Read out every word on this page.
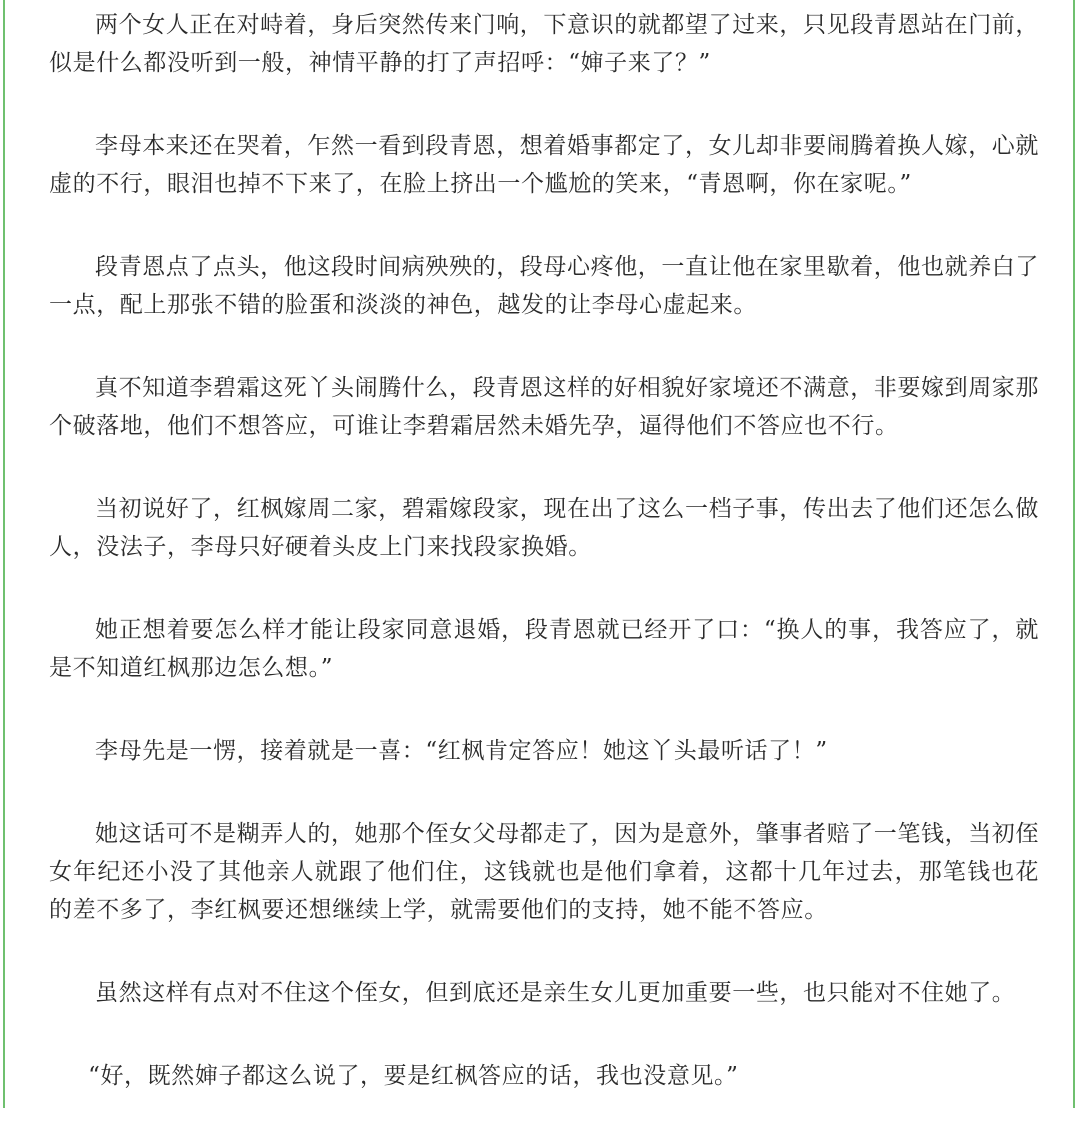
两个女人正在对峙着，身后突然传来门响，下意识的就都望了过来，只见段青恩站在门前，似是什么都没听到一般，神情平静的打了声招呼：“婶子来了？”

李母本来还在哭着，乍然一看到段青恩，想着婚事都定了，女儿却非要闹腾着换人嫁，心就虚的不行，眼泪也掉不下来了，在脸上挤出一个尴尬的笑来，“青恩啊，你在家呢。”

段青恩点了点头，他这段时间病殃殃的，段母心疼他，一直让他在家里歇着，他也就养白了一点，配上那张不错的脸蛋和淡淡的神色，越发的让李母心虚起来。

真不知道李碧霜这死丫头闹腾什么，段青恩这样的好相貌好家境还不满意，非要嫁到周家那个破落地，他们不想答应，可谁让李碧霜居然未婚先孕，逼得他们不答应也不行。

当初说好了，红枫嫁周二家，碧霜嫁段家，现在出了这么一档子事，传出去了他们还怎么做人，没法子，李母只好硬着头皮上门来找段家换婚。

她正想着要怎么样才能让段家同意退婚，段青恩就已经开了口：“换人的事，我答应了，就是不知道红枫那边怎么想。”

李母先是一愣，接着就是一喜：“红枫肯定答应！她这丫头最听话了！”

她这话可不是糊弄人的，她那个侄女父母都走了，因为是意外，肇事者赔了一笔钱，当初侄女年纪还小没了其他亲人就跟了他们住，这钱就也是他们拿着，这都十几年过去，那笔钱也花的差不多了，李红枫要还想继续上学，就需要他们的支持，她不能不答应。

虽然这样有点对不住这个侄女，但到底还是亲生女儿更加重要一些，也只能对不住她了。

“好，既然婶子都这么说了，要是红枫答应的话，我也没意见。”
